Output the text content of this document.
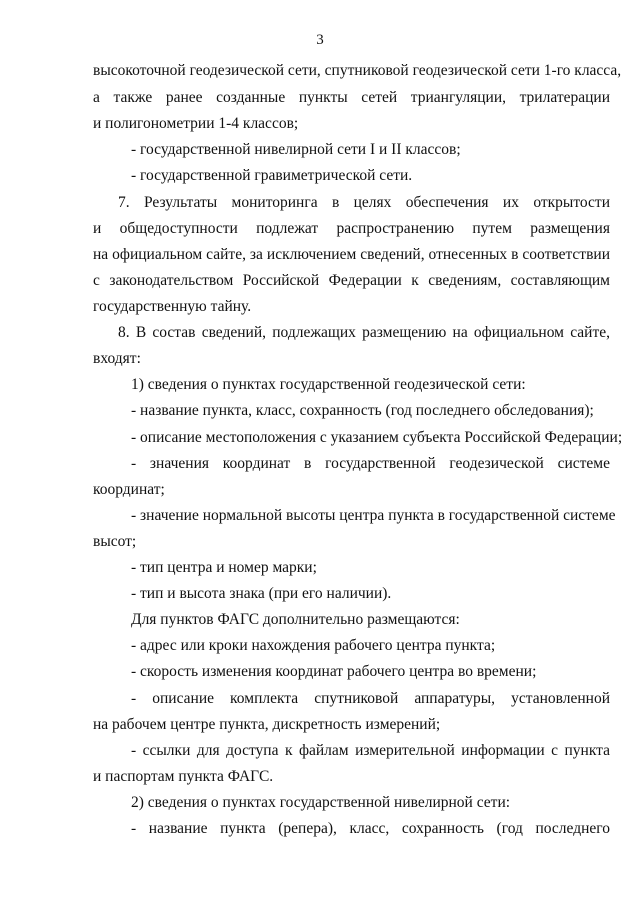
3
высокоточной геодезической сети, спутниковой геодезической сети 1-го класса,
а также ранее созданные пункты сетей триангуляции, трилатерации
и полигонометрии 1-4 классов;
- государственной нивелирной сети I и II классов;
- государственной гравиметрической сети.
7. Результаты мониторинга в целях обеспечения их открытости
и общедоступности подлежат распространению путем размещения
на официальном сайте, за исключением сведений, отнесенных в соответствии
с законодательством Российской Федерации к сведениям, составляющим
государственную тайну.
8. В состав сведений, подлежащих размещению на официальном сайте,
входят:
1) сведения о пунктах государственной геодезической сети:
- название пункта, класс, сохранность (год последнего обследования);
- описание местоположения с указанием субъекта Российской Федерации;
- значения координат в государственной геодезической системе
координат;
- значение нормальной высоты центра пункта в государственной системе
высот;
- тип центра и номер марки;
- тип и высота знака (при его наличии).
Для пунктов ФАГС дополнительно размещаются:
- адрес или кроки нахождения рабочего центра пункта;
- скорость изменения координат рабочего центра во времени;
- описание комплекта спутниковой аппаратуры, установленной
на рабочем центре пункта, дискретность измерений;
- ссылки для доступа к файлам измерительной информации с пункта
и паспортам пункта ФАГС.
2) сведения о пунктах государственной нивелирной сети:
- название пункта (репера), класс, сохранность (год последнего
